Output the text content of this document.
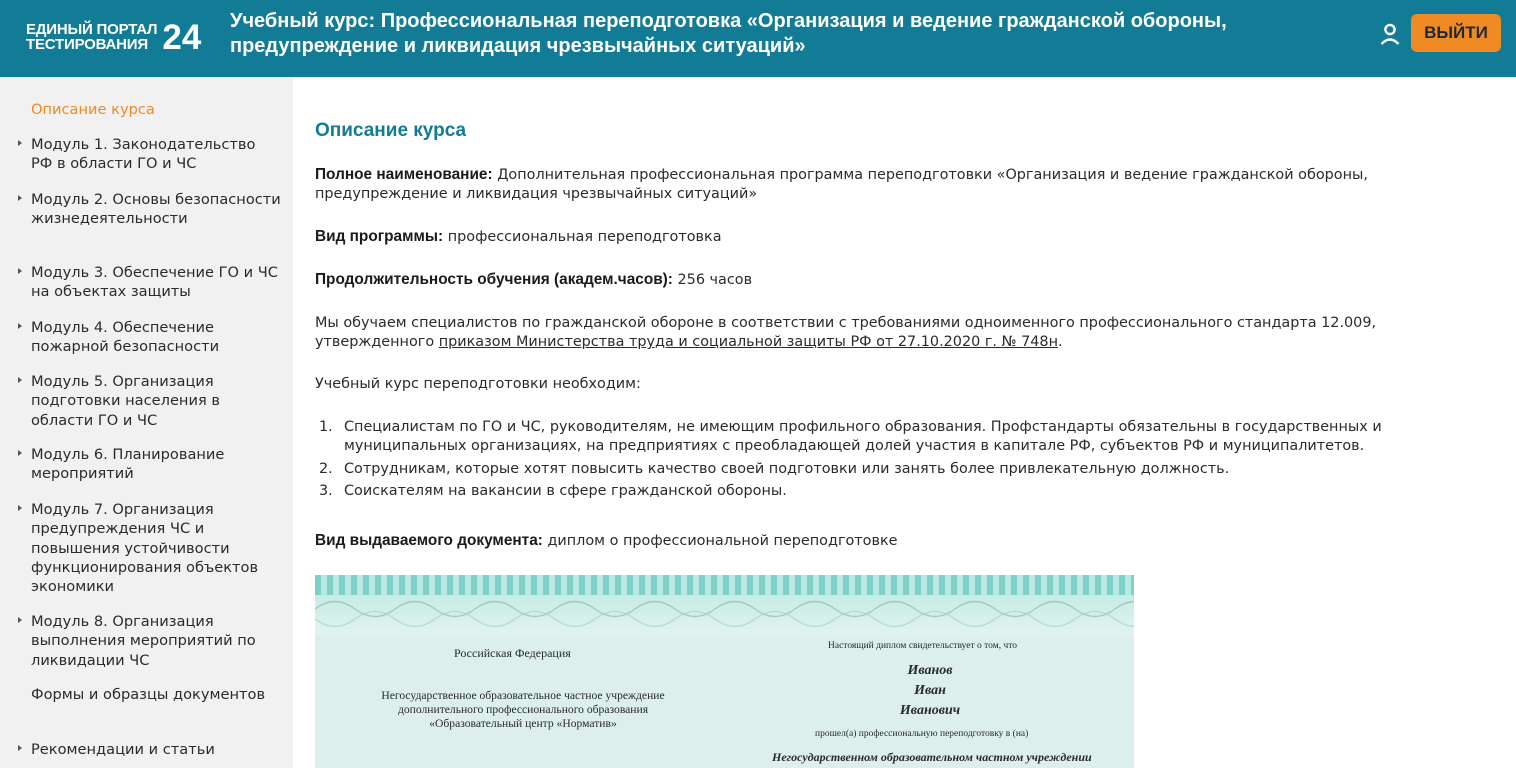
ЕДИНЫЙ ПОРТАЛ
ТЕСТИРОВАНИЯ 24 Учебный курс: Профессиональная переподготовка «Организация и ведение гражданской обороны,
предупреждение и ликвидация чрезвычайных ситуаций»
ВЫЙТИ
Описание курса
Модуль 1. Законодательство РФ в области ГО и ЧС
Модуль 2. Основы безопасности жизнедеятельности
Модуль 3. Обеспечение ГО и ЧС на объектах защиты
Модуль 4. Обеспечение пожарной безопасности
Модуль 5. Организация подготовки населения в области ГО и ЧС
Модуль 6. Планирование мероприятий
Модуль 7. Организация предупреждения ЧС и повышения устойчивости функционирования объектов экономики
Модуль 8. Организация выполнения мероприятий по ликвидации ЧС
Формы и образцы документов
Рекомендации и статьи
Описание курса
Полное наименование: Дополнительная профессиональная программа переподготовки «Организация и ведение гражданской обороны, предупреждение и ликвидация чрезвычайных ситуаций»
Вид программы: профессиональная переподготовка
Продолжительность обучения (академ.часов): 256 часов
Мы обучаем специалистов по гражданской обороне в соответствии с требованиями одноименного профессионального стандарта 12.009, утвержденного приказом Министерства труда и социальной защиты РФ от 27.10.2020 г. № 748н.
Учебный курс переподготовки необходим:
1. Специалистам по ГО и ЧС, руководителям, не имеющим профильного образования. Профстандарты обязательны в государственных и муниципальных организациях, на предприятиях с преобладающей долей участия в капитале РФ, субъектов РФ и муниципалитетов.
2. Сотрудникам, которые хотят повысить качество своей подготовки или занять более привлекательную должность.
3. Соискателям на вакансии в сфере гражданской обороны.
Вид выдаваемого документа: диплом о профессиональной переподготовке
Российская Федерация
Негосударственное образовательное частное учреждение
дополнительного профессионального образования
«Образовательный центр «Норматив»
Настоящий диплом свидетельствует о том, что
Иванов
Иван
Иванович
прошел(а) профессиональную переподготовку в (на)
Негосударственном образовательном частном учреждении
